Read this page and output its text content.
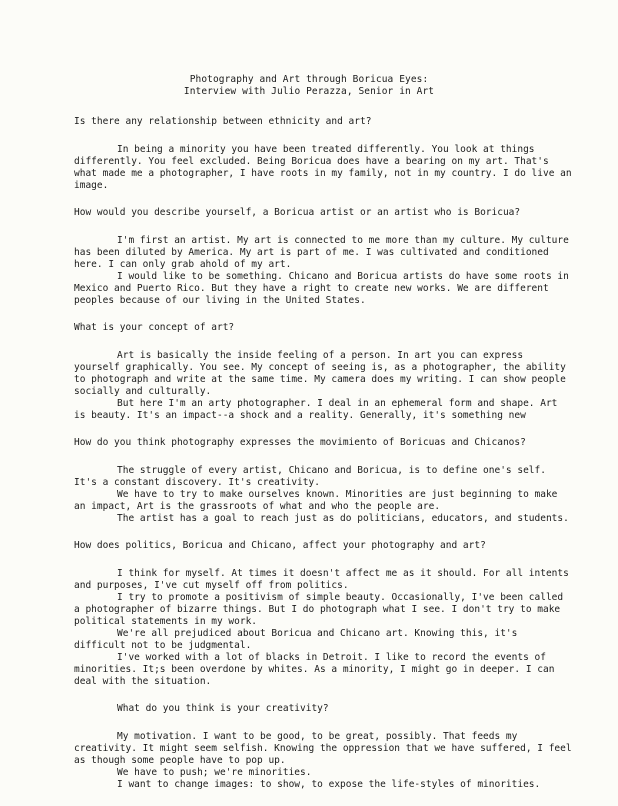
Photography and Art through Boricua Eyes:
Interview with Julio Perazza, Senior in Art
Is there any relationship between ethnicity and art?

In being a minority you have been treated differently. You look at things differently. You feel excluded. Being Boricua does have a bearing on my art. That's what made me a photographer, I have roots in my family, not in my country. I do live an image.

How would you describe yourself, a Boricua artist or an artist who is Boricua?

I'm first an artist. My art is connected to me more than my culture. My culture has been diluted by America. My art is part of me. I was cultivated and conditioned here. I can only grab ahold of my art.

I would like to be something. Chicano and Boricua artists do have some roots in Mexico and Puerto Rico. But they have a right to create new works. We are different peoples because of our living in the United States.

What is your concept of art?

Art is basically the inside feeling of a person. In art you can express yourself graphically. You see. My concept of seeing is, as a photographer, the ability to photograph and write at the same time. My camera does my writing. I can show people socially and culturally.

But here I'm an arty photographer. I deal in an ephemeral form and shape. Art is beauty. It's an impact--a shock and a reality. Generally, it's something new

How do you think photography expresses the movimiento of Boricuas and Chicanos?

The struggle of every artist, Chicano and Boricua, is to define one's self. It's a constant discovery. It's creativity.

We have to try to make ourselves known. Minorities are just beginning to make an impact, Art is the grassroots of what and who the people are.

The artist has a goal to reach just as do politicians, educators, and students.

How does politics, Boricua and Chicano, affect your photography and art?

I think for myself. At times it doesn't affect me as it should. For all intents and purposes, I've cut myself off from politics.

I try to promote a positivism of simple beauty. Occasionally, I've been called a photographer of bizarre things. But I do photograph what I see. I don't try to make political statements in my work.

We're all prejudiced about Boricua and Chicano art. Knowing this, it's difficult not to be judgmental.

I've worked with a lot of blacks in Detroit. I like to record the events of minorities. It;s been overdone by whites. As a minority, I might go in deeper. I can deal with the situation.

What do you think is your creativity?

My motivation. I want to be good, to be great, possibly. That feeds my creativity. It might seem selfish. Knowing the oppression that we have suffered, I feel as though some people have to pop up.

We have to push; we're minorities.

I want to change images: to show, to expose the life-styles of minorities.
